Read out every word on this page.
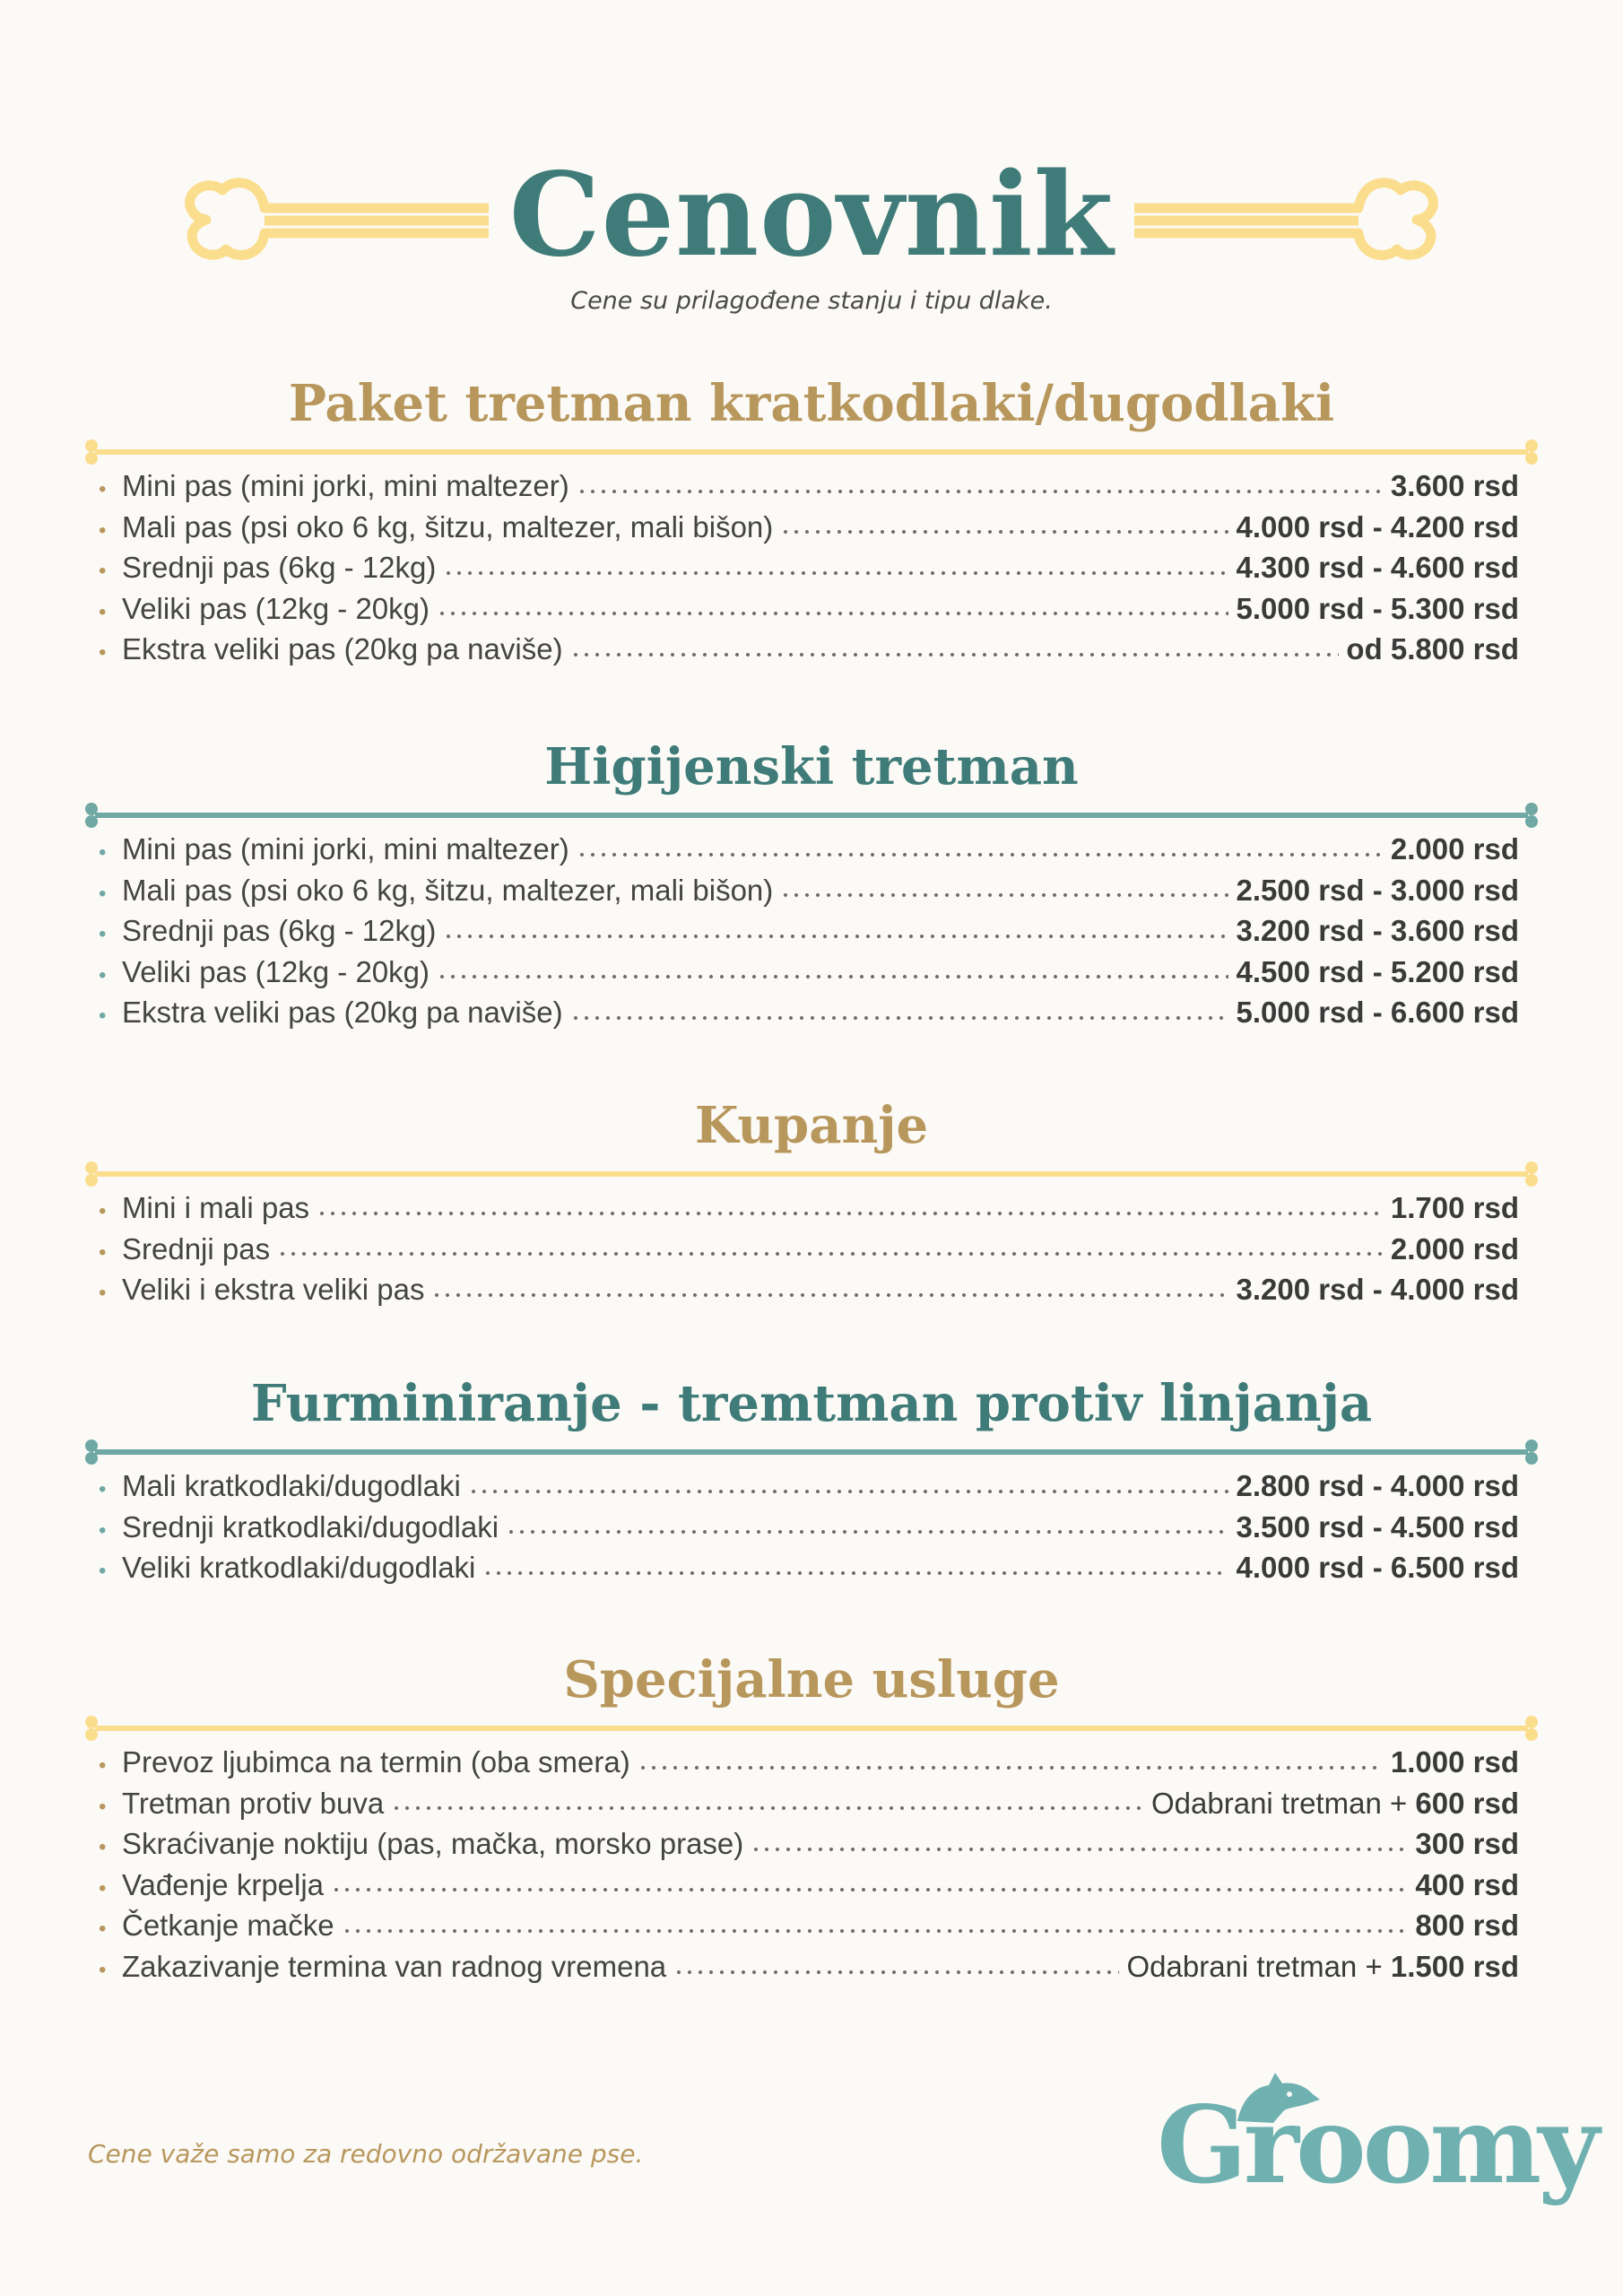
Cenovnik
Cene su prilagođene stanju i tipu dlake.
Paket tretman kratkodlaki/dugodlaki
• Mini pas (mini jorki, mini maltezer)	3.600 rsd
• Mali pas (psi oko 6 kg, šitzu, maltezer, mali bišon)	4.000 rsd - 4.200 rsd
• Srednji pas (6kg - 12kg)	4.300 rsd - 4.600 rsd
• Veliki pas (12kg - 20kg)	5.000 rsd - 5.300 rsd
• Ekstra veliki pas (20kg pa naviše)	od 5.800 rsd
Higijenski tretman
• Mini pas (mini jorki, mini maltezer)	2.000 rsd
• Mali pas (psi oko 6 kg, šitzu, maltezer, mali bišon)	2.500 rsd - 3.000 rsd
• Srednji pas (6kg - 12kg)	3.200 rsd - 3.600 rsd
• Veliki pas (12kg - 20kg)	4.500 rsd - 5.200 rsd
• Ekstra veliki pas (20kg pa naviše)	5.000 rsd - 6.600 rsd
Kupanje
• Mini i mali pas	1.700 rsd
• Srednji pas	2.000 rsd
• Veliki i ekstra veliki pas	3.200 rsd - 4.000 rsd
Furminiranje - tremtman protiv linjanja
• Mali kratkodlaki/dugodlaki	2.800 rsd - 4.000 rsd
• Srednji kratkodlaki/dugodlaki	3.500 rsd - 4.500 rsd
• Veliki kratkodlaki/dugodlaki	4.000 rsd - 6.500 rsd
Specijalne usluge
• Prevoz ljubimca na termin (oba smera)	1.000 rsd
• Tretman protiv buva	Odabrani tretman + 600 rsd
• Skraćivanje noktiju (pas, mačka, morsko prase)	300 rsd
• Vađenje krpelja	400 rsd
• Četkanje mačke	800 rsd
• Zakazivanje termina van radnog vremena	Odabrani tretman + 1.500 rsd
Cene važe samo za redovno održavane pse.	Groomy
